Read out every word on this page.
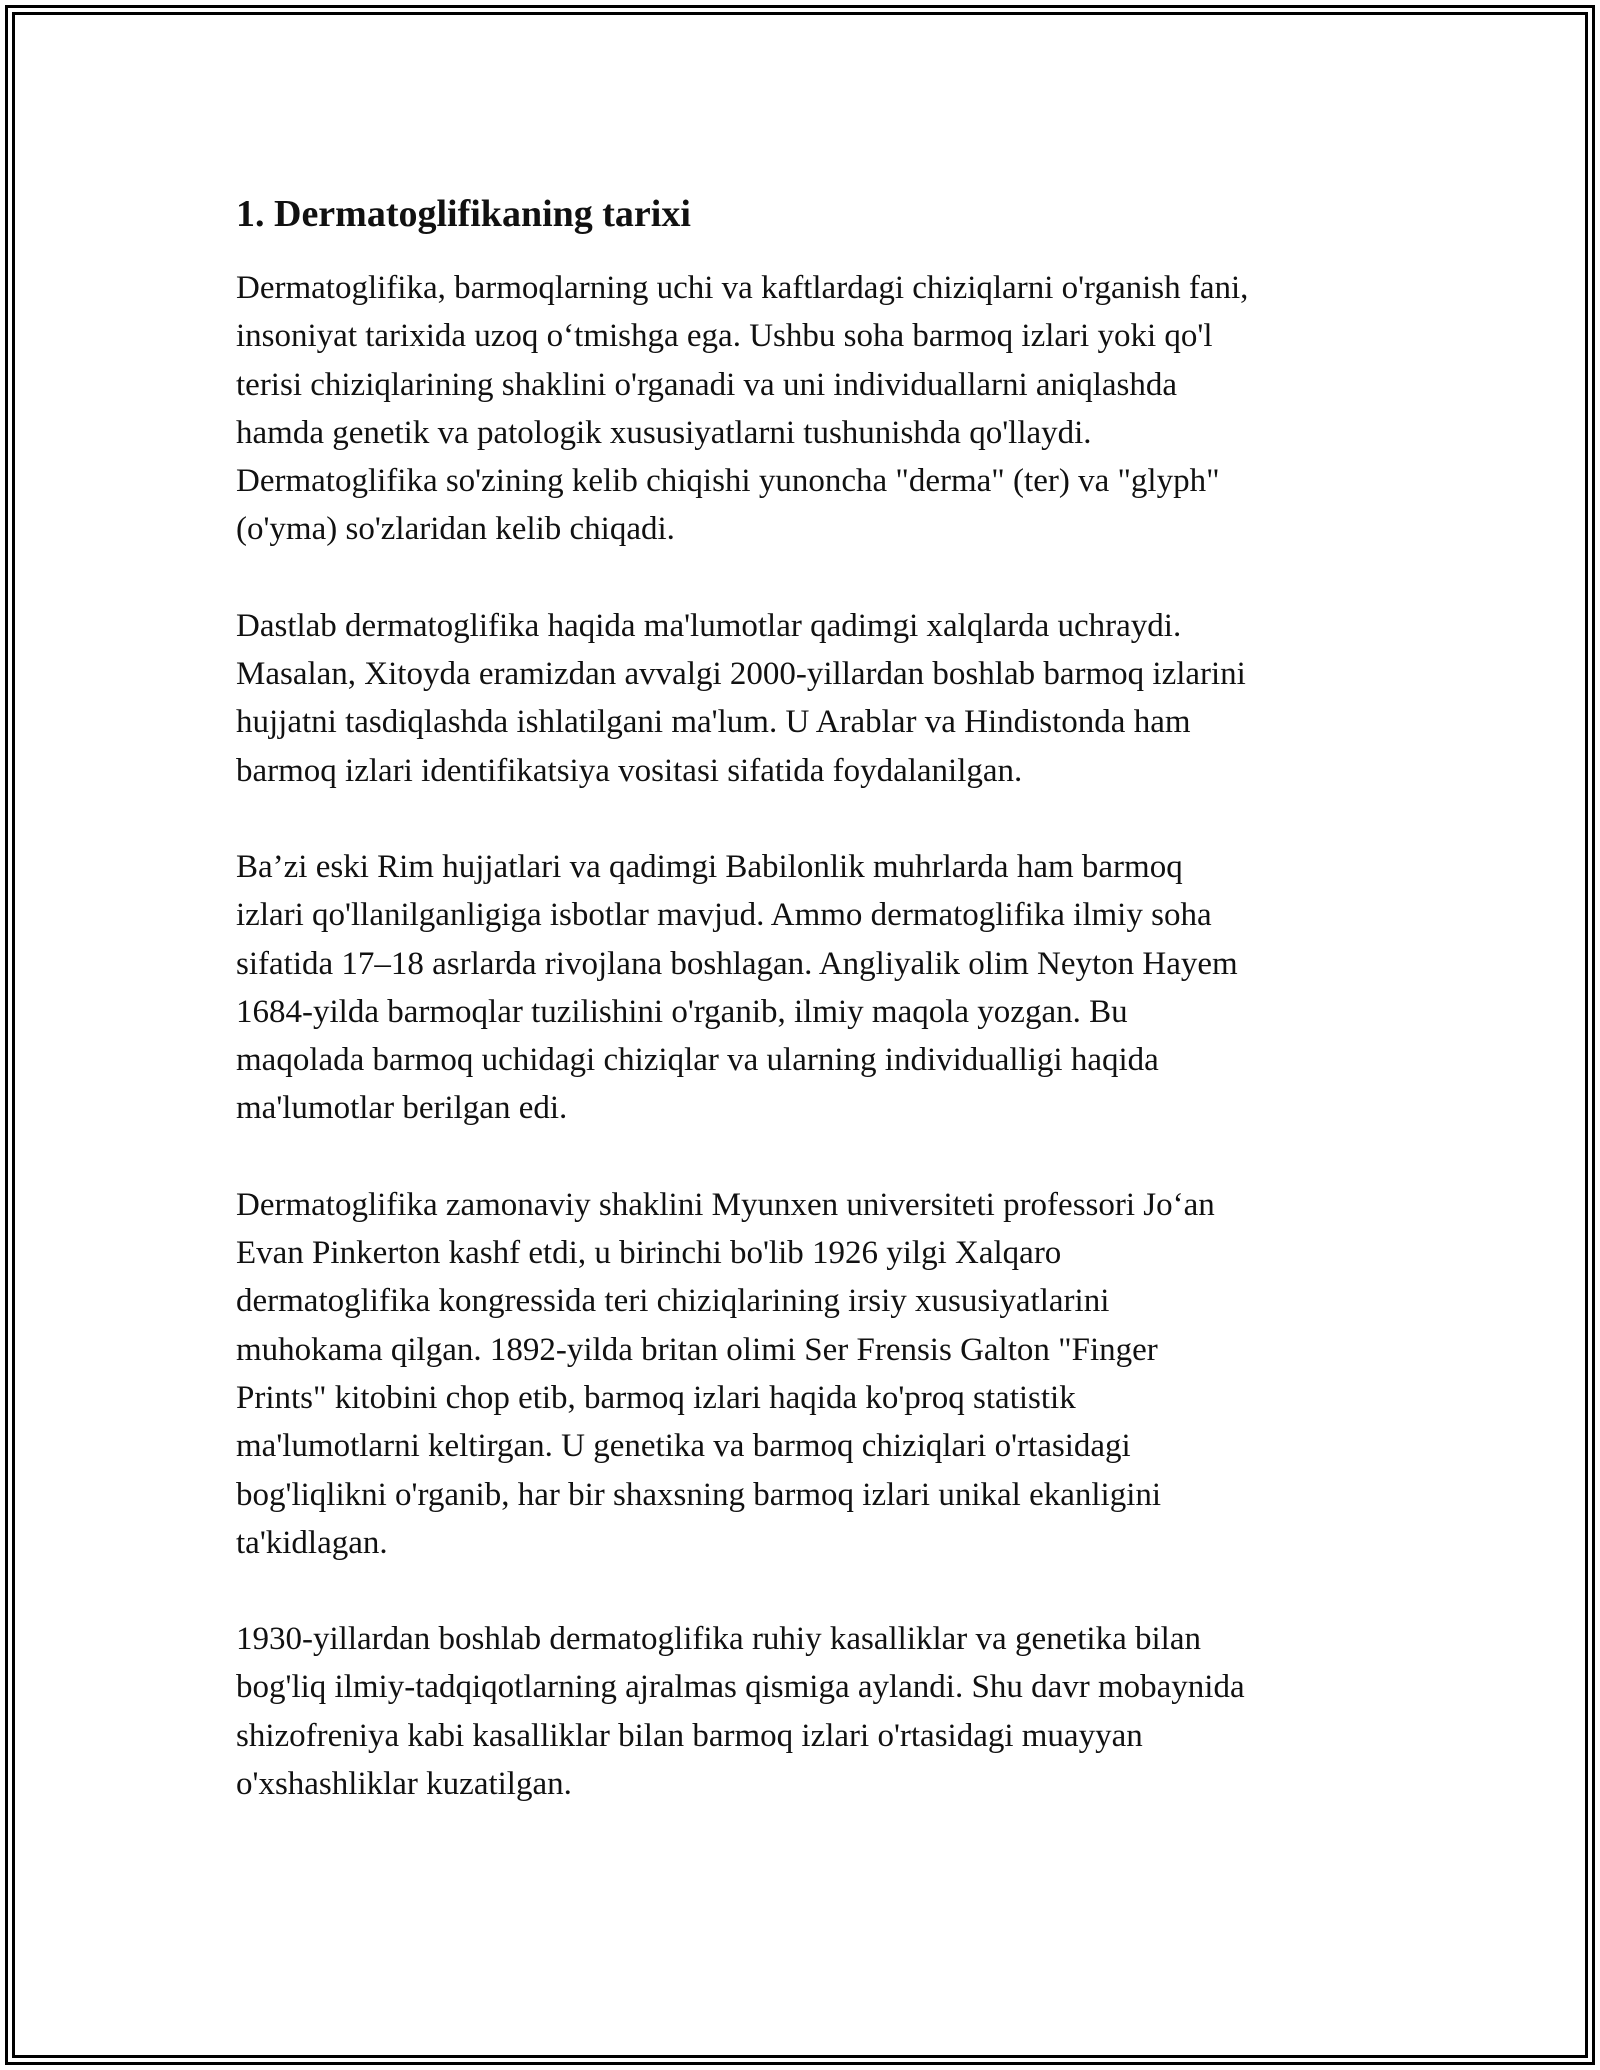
1. Dermatoglifikaning tarixi

Dermatoglifika, barmoqlarning uchi va kaftlardagi chiziqlarni o'rganish fani,
insoniyat tarixida uzoq o‘tmishga ega. Ushbu soha barmoq izlari yoki qo'l
terisi chiziqlarining shaklini o'rganadi va uni individuallarni aniqlashda
hamda genetik va patologik xususiyatlarni tushunishda qo'llaydi.
Dermatoglifika so'zining kelib chiqishi yunoncha "derma" (ter) va "glyph"
(o'yma) so'zlaridan kelib chiqadi.

Dastlab dermatoglifika haqida ma'lumotlar qadimgi xalqlarda uchraydi.
Masalan, Xitoyda eramizdan avvalgi 2000-yillardan boshlab barmoq izlarini
hujjatni tasdiqlashda ishlatilgani ma'lum. U Arablar va Hindistonda ham
barmoq izlari identifikatsiya vositasi sifatida foydalanilgan.

Ba’zi eski Rim hujjatlari va qadimgi Babilonlik muhrlarda ham barmoq
izlari qo'llanilganligiga isbotlar mavjud. Ammo dermatoglifika ilmiy soha
sifatida 17–18 asrlarda rivojlana boshlagan. Angliyalik olim Neyton Hayem
1684-yilda barmoqlar tuzilishini o'rganib, ilmiy maqola yozgan. Bu
maqolada barmoq uchidagi chiziqlar va ularning individualligi haqida
ma'lumotlar berilgan edi.

Dermatoglifika zamonaviy shaklini Myunxen universiteti professori Jo‘an
Evan Pinkerton kashf etdi, u birinchi bo'lib 1926 yilgi Xalqaro
dermatoglifika kongressida teri chiziqlarining irsiy xususiyatlarini
muhokama qilgan. 1892-yilda britan olimi Ser Frensis Galton "Finger
Prints" kitobini chop etib, barmoq izlari haqida ko'proq statistik
ma'lumotlarni keltirgan. U genetika va barmoq chiziqlari o'rtasidagi
bog'liqlikni o'rganib, har bir shaxsning barmoq izlari unikal ekanligini
ta'kidlagan.

1930-yillardan boshlab dermatoglifika ruhiy kasalliklar va genetika bilan
bog'liq ilmiy-tadqiqotlarning ajralmas qismiga aylandi. Shu davr mobaynida
shizofreniya kabi kasalliklar bilan barmoq izlari o'rtasidagi muayyan
o'xshashliklar kuzatilgan.
